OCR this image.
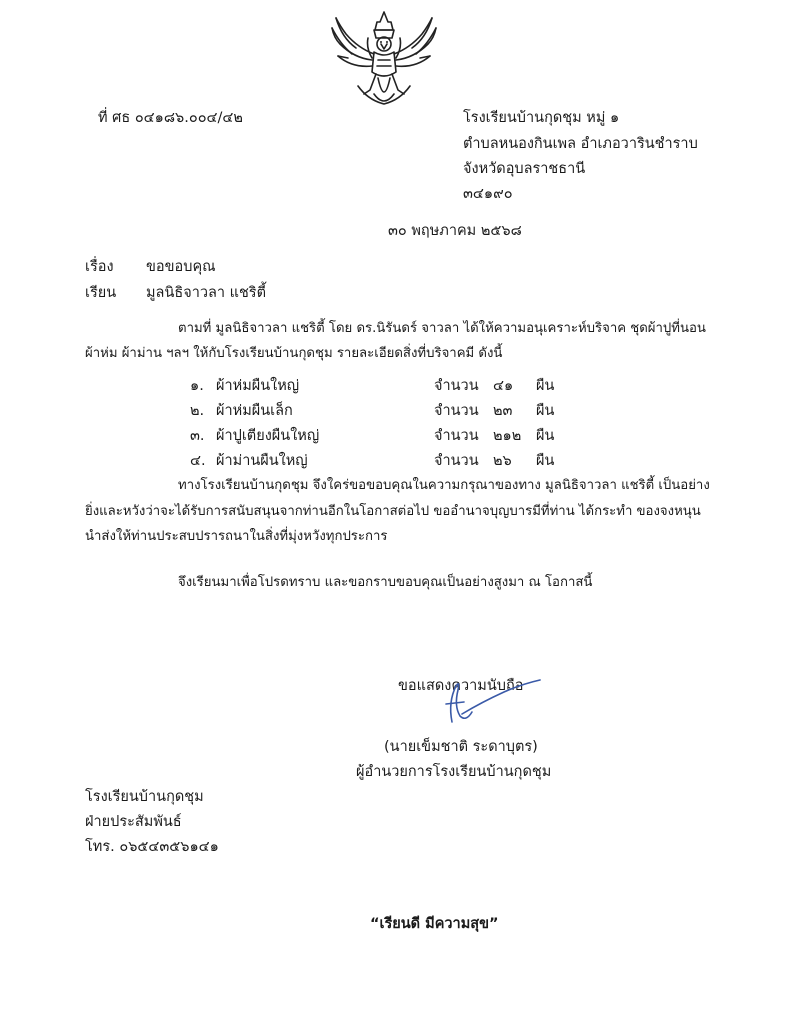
ที่ ศธ ๐๔๑๘๖.๐๐๔/๔๒	โรงเรียนบ้านกุดชุม หมู่ ๑
ตำบลหนองกินเพล อำเภอวารินชำราบ
จังหวัดอุบลราชธานี
๓๔๑๙๐
๓๐ พฤษภาคม ๒๕๖๘
เรื่อง ขอขอบคุณ
เรียน มูลนิธิจาวลา แชริตี้
ตามที่ มูลนิธิจาวลา แชริตี้ โดย ดร.นิรันดร์ จาวลา ได้ให้ความอนุเคราะห์บริจาค ชุดผ้าปูที่นอน
ผ้าห่ม ผ้าม่าน ฯลฯ ให้กับโรงเรียนบ้านกุดชุม รายละเอียดสิ่งที่บริจาคมี ดังนี้
๑. ผ้าห่มผืนใหญ่	จำนวน ๔๑ ผืน
๒. ผ้าห่มผืนเล็ก	จำนวน ๒๓ ผืน
๓. ผ้าปูเตียงผืนใหญ่	จำนวน ๒๑๒ ผืน
๔. ผ้าม่านผืนใหญ่	จำนวน ๒๖ ผืน
ทางโรงเรียนบ้านกุดชุม จึงใคร่ขอขอบคุณในความกรุณาของทาง มูลนิธิจาวลา แชริตี้ เป็นอย่าง
ยิ่งและหวังว่าจะได้รับการสนับสนุนจากท่านอีกในโอกาสต่อไป ขออำนาจบุญบารมีที่ท่าน ได้กระทำ ของจงหนุน
นำส่งให้ท่านประสบปรารถนาในสิ่งที่มุ่งหวังทุกประการ
จึงเรียนมาเพื่อโปรดทราบ และขอกราบขอบคุณเป็นอย่างสูงมา ณ โอกาสนี้
ขอแสดงความนับถือ
(นายเข็มชาติ ระดาบุตร)
ผู้อำนวยการโรงเรียนบ้านกุดชุม
โรงเรียนบ้านกุดชุม
ฝ่ายประสัมพันธ์
โทร. ๐๖๕๔๓๕๖๑๔๑
“เรียนดี มีความสุข”
